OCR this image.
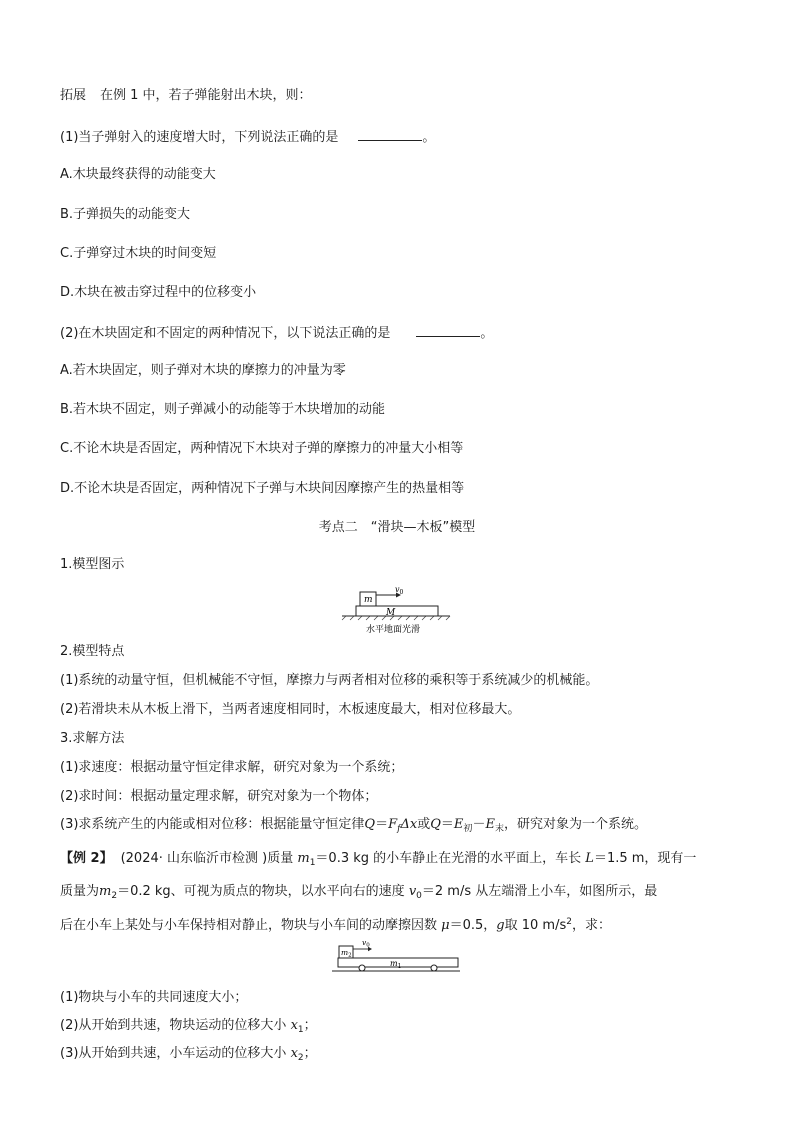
拓展 在例 1 中，若子弹能射出木块，则：
(1)当子弹射入的速度增大时，下列说法正确的是	。
A.木块最终获得的动能变大
B.子弹损失的动能变大
C.子弹穿过木块的时间变短
D.木块在被击穿过程中的位移变小
(2)在木块固定和不固定的两种情况下，以下说法正确的是	。
A.若木块固定，则子弹对木块的摩擦力的冲量为零
B.若木块不固定，则子弹减小的动能等于木块增加的动能
C.不论木块是否固定，两种情况下木块对子弹的摩擦力的冲量大小相等
D.不论木块是否固定，两种情况下子弹与木块间因摩擦产生的热量相等
考点二　“滑块—木板”模型
1.模型图示
M
m
$v_0$
水平地面光滑
2.模型特点
(1)系统的动量守恒，但机械能不守恒，摩擦力与两者相对位移的乘积等于系统减少的机械能。
(2)若滑块未从木板上滑下，当两者速度相同时，木板速度最大，相对位移最大。
3.求解方法
(1)求速度：根据动量守恒定律求解，研究对象为一个系统；
(2)求时间：根据动量定理求解，研究对象为一个物体；
(3)求系统产生的内能或相对位移：根据能量守恒定律$Q=F_f\Delta x$或$Q=E_初-E_末$，研究对象为一个系统。
【例 2】 (2024· 山东临沂市检测 )质量 $m_1=0.3$ kg 的小车静止在光滑的水平面上，车长 L＝1.5 m，现有一
质量为$m_2=0.2$ kg、可视为质点的物块，以水平向右的速度 $v_0=2$ m/s 从左端滑上小车，如图所示，最
后在小车上某处与小车保持相对静止，物块与小车间的动摩擦因数 μ＝0.5，g取 10 $m/s^2$，求：
$m_1$
$m_2$
$v_0$
(1)物块与小车的共同速度大小；
(2)从开始到共速，物块运动的位移大小 $x_1$；
(3)从开始到共速，小车运动的位移大小 $x_2$；
